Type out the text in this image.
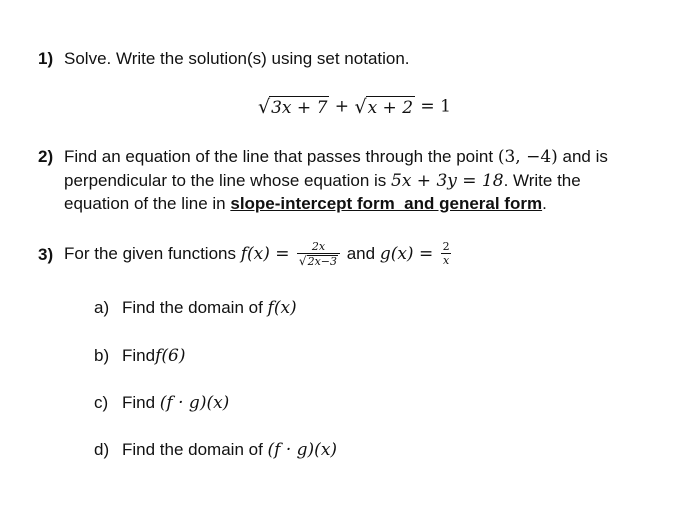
1) Solve. Write the solution(s) using set notation.
√ 3x + 7 + √ x + 2 = 1
2) Find an equation of the line that passes through the point (3, −4) and is
perpendicular to the line whose equation is 5x + 3y = 18. Write the
equation of the line in slope-intercept form  and general form.
3) For the given functions $f(x) = \frac{2x}{√ 2x-3}$ and $g(x) = \frac{2}{x}$
a) Find the domain of f(x)
b) Findf(6)
c) Find (f · g)(x)
d) Find the domain of (f · g)(x)
